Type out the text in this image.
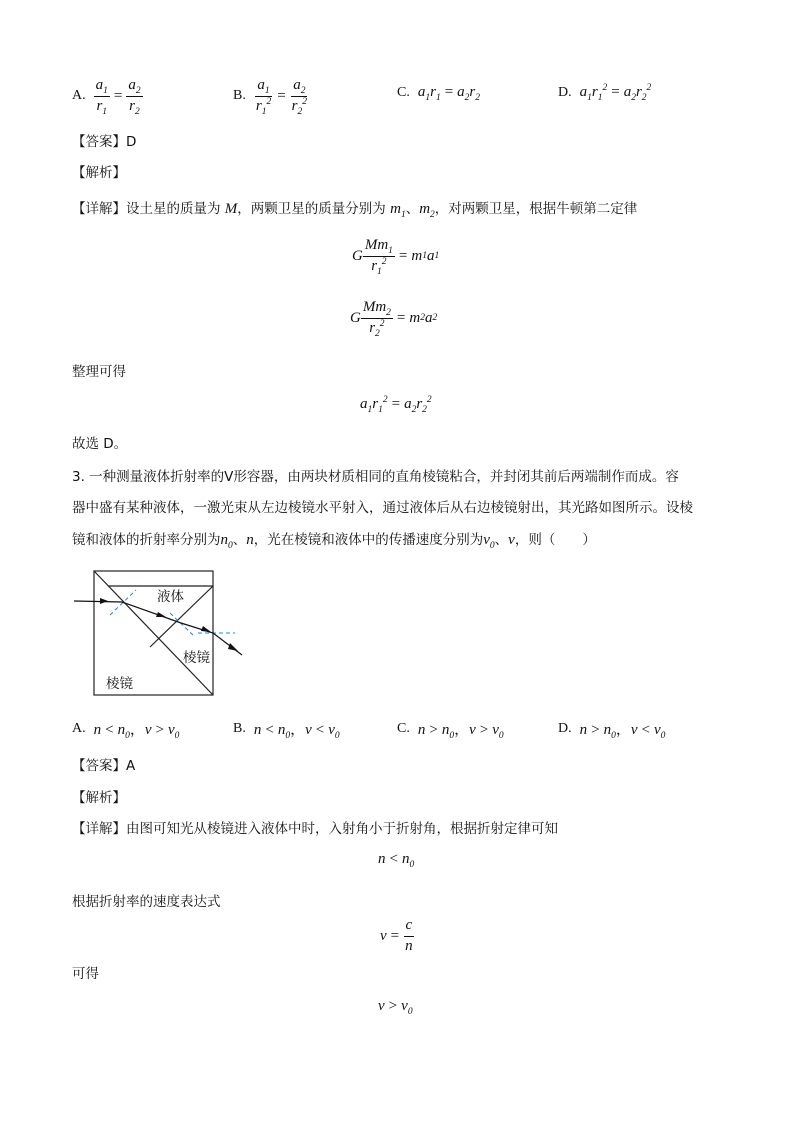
A. $\frac{a_1}{r_1} = \frac{a_2}{r_2}$	B. $\frac{a_1}{r_1^2} = \frac{a_2}{r_2^2}$	C. $a_1r_1 = a_2r_2$	D. $a_1r_1^2 = a_2r_2^2$
【答案】D
【解析】
【详解】设土星的质量为 M，两颗卫星的质量分别为 $m_1$、$m_2$，对两颗卫星，根据牛顿第二定律
G $\frac{Mm_1}{r_1^2} = m$ 1 a 1
G $\frac{Mm_2}{r_2^2} = m$ 2 a 2
整理可得
$a_1r_1^2 = a_2r_2^2$
故选 D。
3. 一种测量液体折射率的Ⅴ形容器，由两块材质相同的直角棱镜粘合，并封闭其前后两端制作而成。容
器中盛有某种液体，一激光束从左边棱镜水平射入，通过液体后从右边棱镜射出，其光路如图所示。设棱
镜和液体的折射率分别为$n_0$、n，光在棱镜和液体中的传播速度分别为$v_0$、v，则（　　）
液体
棱镜
棱镜
A. $n < n_0$，$v > v_0$
B. $n < n_0$，$v < v_0$
C. $n > n_0$，$v > v_0$
D. $n > n_0$，$v < v_0$
【答案】A
【解析】
【详解】由图可知光从棱镜进入液体中时，入射角小于折射角，根据折射定律可知
$n < n_0$
根据折射率的速度表达式
$v = \frac{c}{n}$
可得
$v > v_0$
